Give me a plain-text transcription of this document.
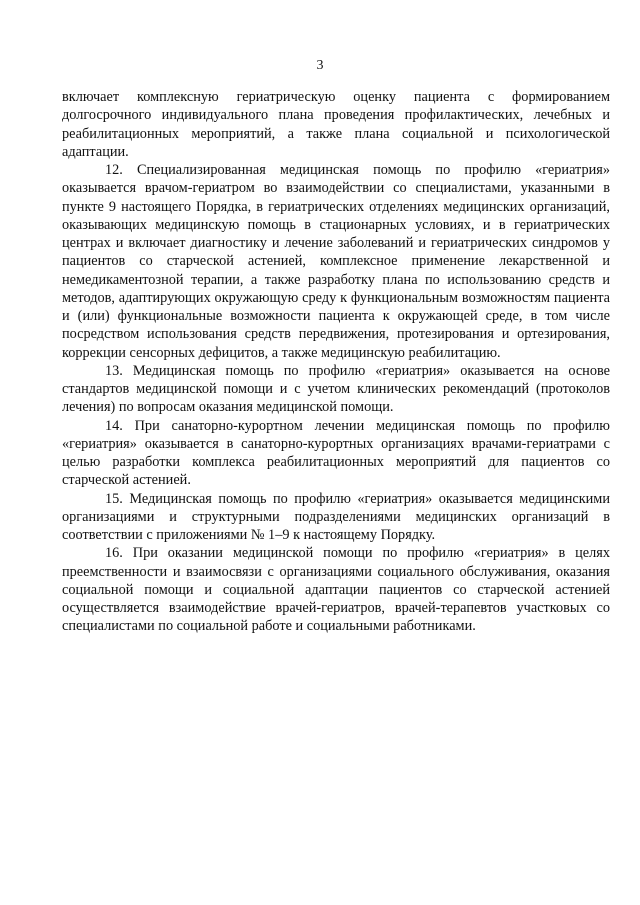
3

включает комплексную гериатрическую оценку пациента с формированием долгосрочного индивидуального плана проведения профилактических, лечебных и реабилитационных мероприятий, а также плана социальной и психологической адаптации.

12. Специализированная медицинская помощь по профилю «гериатрия» оказывается врачом-гериатром во взаимодействии со специалистами, указанными в пункте 9 настоящего Порядка, в гериатрических отделениях медицинских организаций, оказывающих медицинскую помощь в стационарных условиях, и в гериатрических центрах и включает диагностику и лечение заболеваний и гериатрических синдромов у пациентов со старческой астенией, комплексное применение лекарственной и немедикаментозной терапии, а также разработку плана по использованию средств и методов, адаптирующих окружающую среду к функциональным возможностям пациента и (или) функциональные возможности пациента к окружающей среде, в том числе посредством использования средств передвижения, протезирования и ортезирования, коррекции сенсорных дефицитов, а также медицинскую реабилитацию.

13. Медицинская помощь по профилю «гериатрия» оказывается на основе стандартов медицинской помощи и с учетом клинических рекомендаций (протоколов лечения) по вопросам оказания медицинской помощи.

14. При санаторно-курортном лечении медицинская помощь по профилю «гериатрия» оказывается в санаторно-курортных организациях врачами-гериатрами с целью разработки комплекса реабилитационных мероприятий для пациентов со старческой астенией.

15. Медицинская помощь по профилю «гериатрия» оказывается медицинскими организациями и структурными подразделениями медицинских организаций в соответствии с приложениями № 1–9 к настоящему Порядку.

16. При оказании медицинской помощи по профилю «гериатрия» в целях преемственности и взаимосвязи с организациями социального обслуживания, оказания социальной помощи и социальной адаптации пациентов со старческой астенией осуществляется взаимодействие врачей-гериатров, врачей-терапевтов участковых со специалистами по социальной работе и социальными работниками.
